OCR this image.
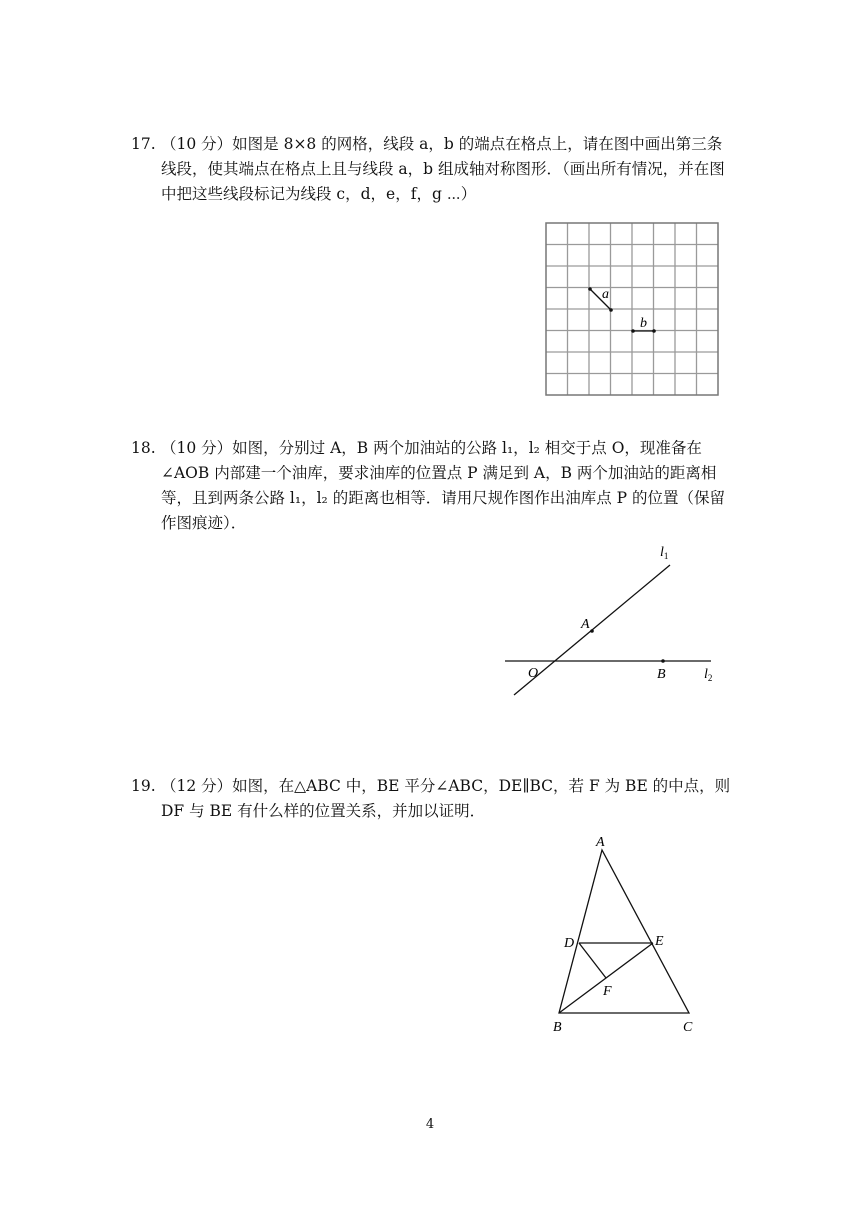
17. （10 分）如图是 8×8 的网格，线段 a，b 的端点在格点上，请在图中画出第三条线段，使其端点在格点上且与线段 a，b 组成轴对称图形．（画出所有情况，并在图中把这些线段标记为线段 c，d，e，f，g ⋯）
a
b
18. （10 分）如图，分别过 A，B 两个加油站的公路 l₁，l₂ 相交于点 O，现准备在∠AOB 内部建一个油库，要求油库的位置点 P 满足到 A，B 两个加油站的距离相等，且到两条公路 l₁，l₂ 的距离也相等．请用尺规作图作出油库点 P 的位置（保留作图痕迹）．
$l_1$
$l_2$
A
O	B
19. （12 分）如图，在△ABC 中，BE 平分∠ABC，DE∥BC，若 F 为 BE 的中点，则 DF 与 BE 有什么样的位置关系，并加以证明．
A
D	E
F
B	C
4
